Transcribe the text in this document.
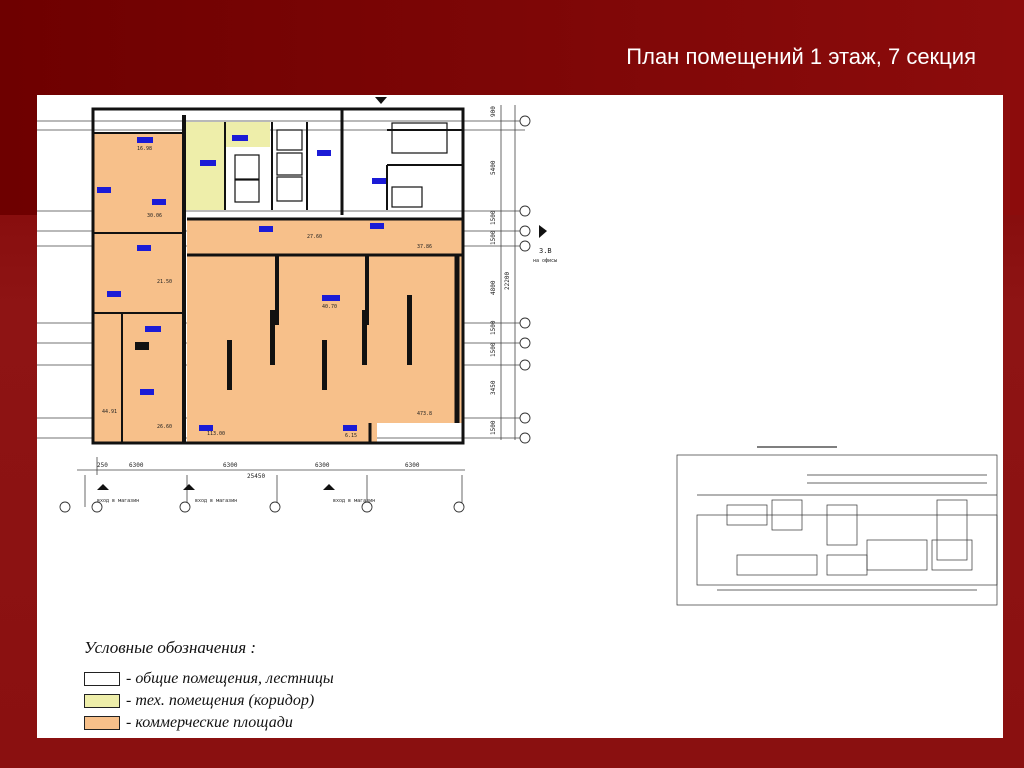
План помещений 1 этаж, 7 секция
16.98
30.06
21.50
44.91
26.60
40.70
27.60
37.86
473.8
113.00	6.15
250	6300	6300	6300	6300
25450
900
5400
1500
1500
4800
1500
1500
3450
1500
22200
3.В
на офисы
вход в магазин	вход в магазин	вход в магазин
Условные обозначения :
- общие помещения, лестницы
- тех. помещения (коридор)
- коммерческие площади
